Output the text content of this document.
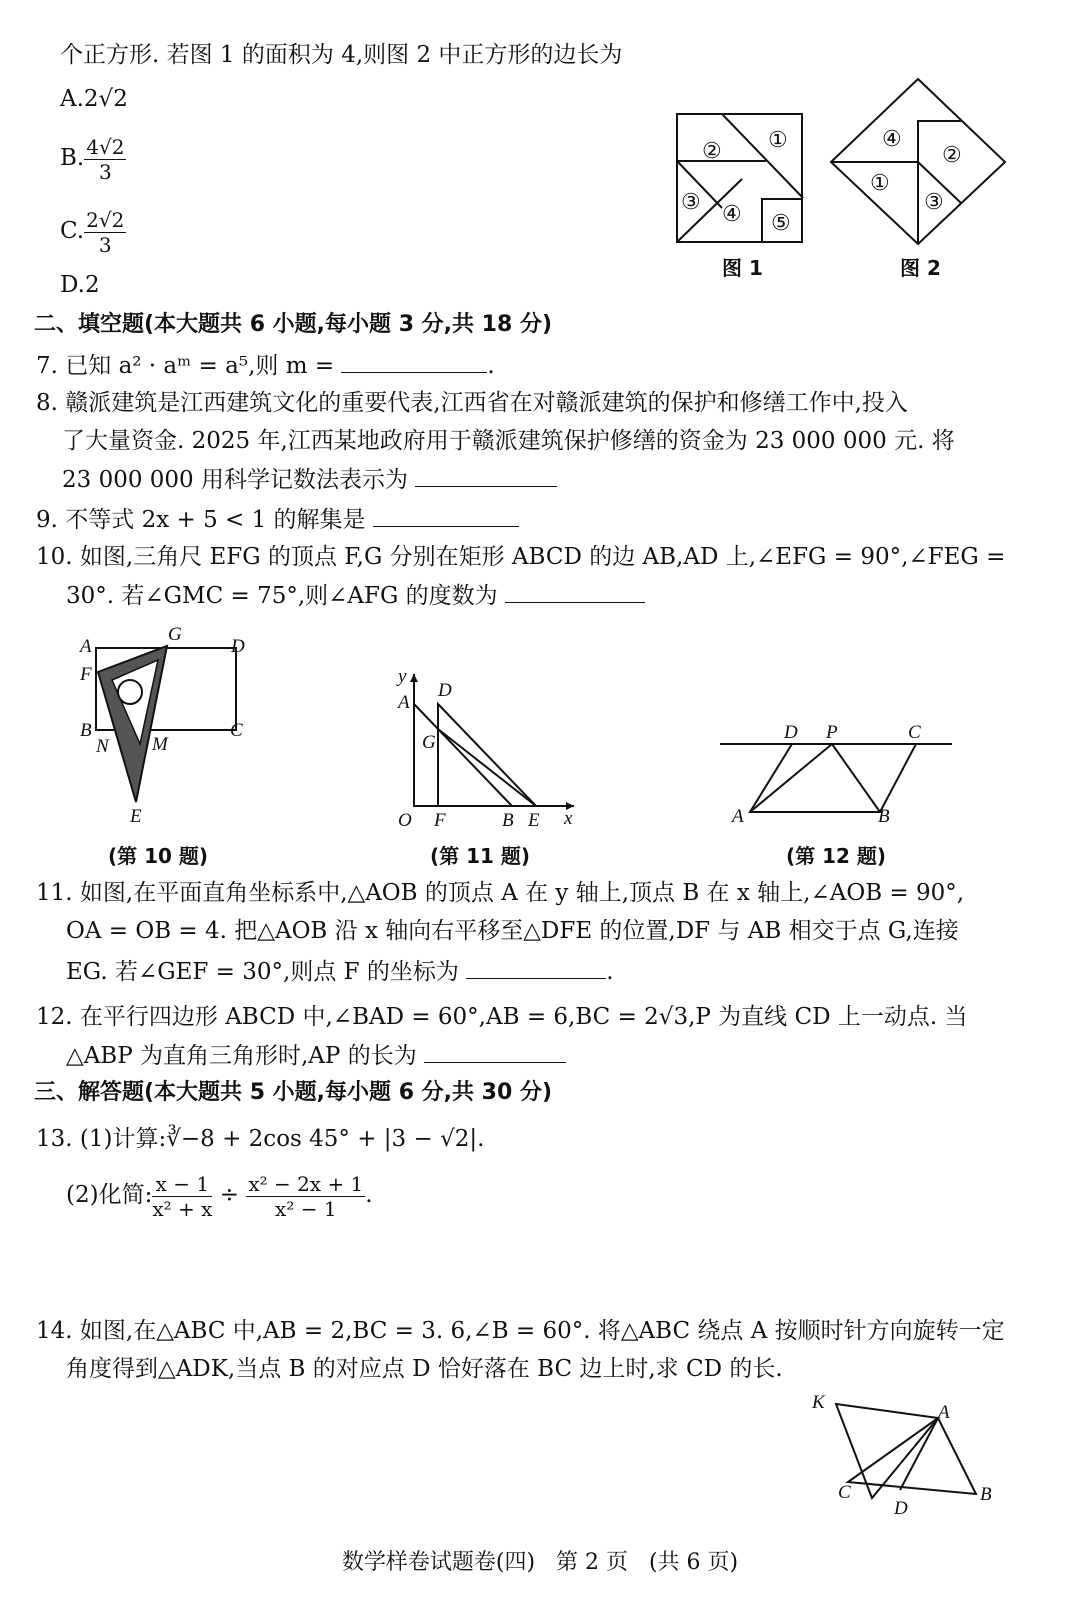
个正方形. 若图 1 的面积为 4,则图 2 中正方形的边长为
A.2√2
B. $\frac{4√2}{3}$
C. $\frac{2√2}{3}$
D.2
② ①
③ ④ ⑤
图 1
④
②
①
③
图 2
二、填空题(本大题共 6 小题,每小题 3 分,共 18 分)
7. 已知 a² · aᵐ = a⁵,则 m =	.
8. 赣派建筑是江西建筑文化的重要代表,江西省在对赣派建筑的保护和修缮工作中,投入
了大量资金. 2025 年,江西某地政府用于赣派建筑保护修缮的资金为 23 000 000 元. 将
23 000 000 用科学记数法表示为
9. 不等式 2x + 5 < 1 的解集是
10. 如图,三角尺 EFG 的顶点 F,G 分别在矩形 ABCD 的边 AB,AD 上,∠EFG = 90°,∠FEG =
30°. 若∠GMC = 75°,则∠AFG 的度数为
A
G
D
F
B
N M
C
E
(第 10 题)
y
A
D
G
O F	B E x
(第 11 题)
D P	C
A	B
(第 12 题)
11. 如图,在平面直角坐标系中,△AOB 的顶点 A 在 y 轴上,顶点 B 在 x 轴上,∠AOB = 90°,
OA = OB = 4. 把△AOB 沿 x 轴向右平移至△DFE 的位置,DF 与 AB 相交于点 G,连接
EG. 若∠GEF = 30°,则点 F 的坐标为	.
12. 在平行四边形 ABCD 中,∠BAD = 60°,AB = 6,BC = 2√3,P 为直线 CD 上一动点. 当
△ABP 为直角三角形时,AP 的长为
三、解答题(本大题共 5 小题,每小题 6 分,共 30 分)
13. (1)计算:∛−8 + 2cos 45° + |3 − √2|.
(2)化简: $\frac{x - 1}{\text{x² + x}} \div \frac{\text{x² − 2x + 1}}{\text{x² − 1}}$ .
14. 如图,在△ABC 中,AB = 2,BC = 3. 6,∠B = 60°. 将△ABC 绕点 A 按顺时针方向旋转一定
角度得到△ADK,当点 B 的对应点 D 恰好落在 BC 边上时,求 CD 的长.
K	A
C
D
B
数学样卷试题卷(四)   第 2 页   (共 6 页)
